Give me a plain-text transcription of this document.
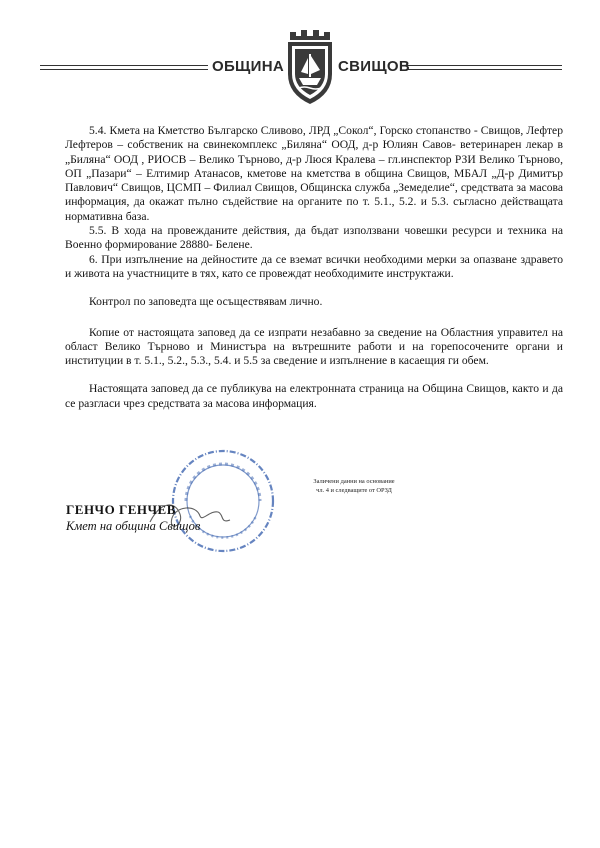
ОБЩИНА	СВИЩОВ

5.4. Кмета на Кметство Българско Сливово, ЛРД „Сокол“, Горско стопанство - Свищов, Лефтер Лефтеров – собственик на свинекомплекс „Биляна“ ООД, д-р Юлиян Савов- ветеринарен лекар в „Биляна“ ООД , РИОСВ – Велико Търново, д-р Люся Кралева – гл.инспектор РЗИ Велико Търново, ОП „Пазари“ – Елтимир Атанасов, кметове на кметства в община Свищов, МБАЛ „Д-р Димитър Павлович“ Свищов, ЦСМП – Филиал Свищов, Общинска служба „Земеделие“, средствата за масова информация, да окажат пълно съдействие на органите по т. 5.1., 5.2. и 5.3. съгласно действащата нормативна база.

5.5. В хода на провежданите действия, да бъдат използвани човешки ресурси и техника на Военно формирование 28880- Белене.

6. При изпълнение на дейностите да се вземат всички необходими мерки за опазване здравето и живота на участниците в тях, като се провеждат необходимите инструктажи.

Контрол по заповедта ще осъществявам лично.

Копие от настоящата заповед да се изпрати незабавно за сведение на Областния управител на област Велико Търново и Министъра на вътрешните работи и на горепосочените органи и институции в т. 5.1., 5.2., 5.3., 5.4. и 5.5 за сведение и изпълнение в касаещия ги обем.

Настоящата заповед да се публикува на електронната страница на Община Свищов, както и да се разгласи чрез средствата за масова информация.

Заличени данни на основание
чл. 4 и следващите от ОРЗД
ГЕНЧО ГЕНЧЕВ
Кмет на община Свищов
